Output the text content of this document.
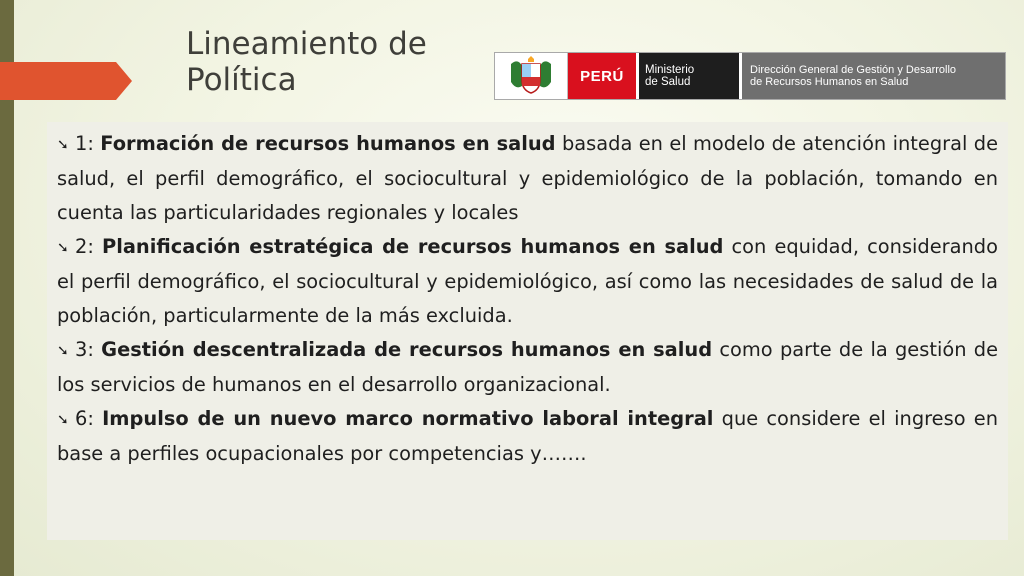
Lineamiento de
Política	PERÚ	Ministerio
de Salud
Dirección General de Gestión y Desarrollo
de Recursos Humanos en Salud

➘ 1: Formación de recursos humanos en salud basada en el modelo de atención integral de salud, el perfil demográfico, el sociocultural y epidemiológico de la población, tomando en cuenta las particularidades regionales y locales

➘ 2: Planificación estratégica de recursos humanos en salud con equidad, considerando el perfil demográfico, el sociocultural y epidemiológico, así como las necesidades de salud de la población, particularmente de la más excluida.

➘ 3: Gestión descentralizada de recursos humanos en salud como parte de la gestión de los servicios de humanos en el desarrollo organizacional.

➘ 6: Impulso de un nuevo marco normativo laboral integral que considere el ingreso en base a perfiles ocupacionales por competencias y…….
